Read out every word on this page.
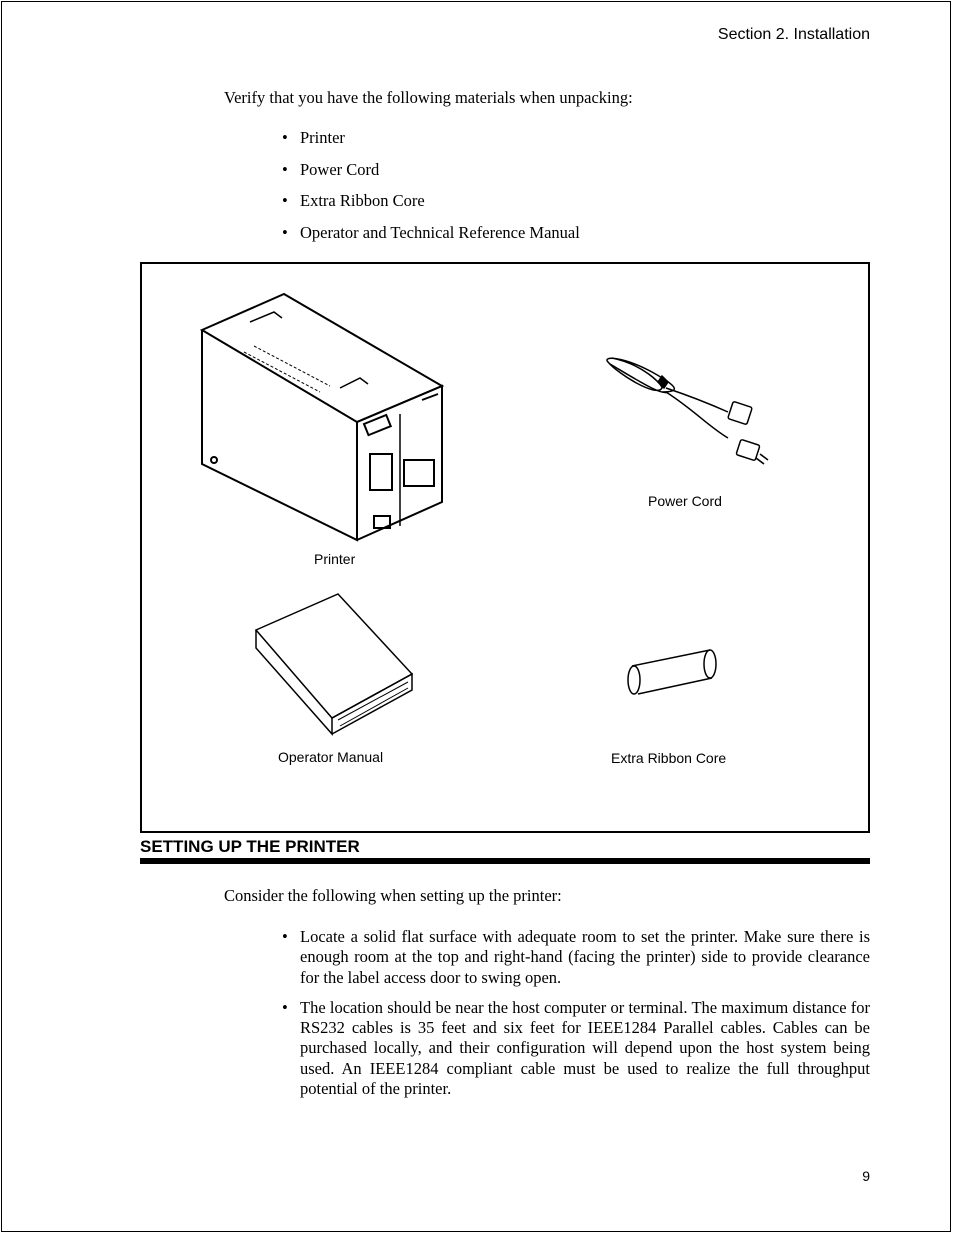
Section 2. Installation
Verify that you have the following materials when unpacking:
• Printer
• Power Cord
• Extra Ribbon Core
• Operator and Technical Reference Manual
Printer
Power Cord
Operator Manual	Extra Ribbon Core
SETTING UP THE PRINTER
Consider the following when setting up the printer:
• Locate a solid flat surface with adequate room to set the printer. Make sure there is enough room at the top and right-hand (facing the printer) side to provide clearance for the label access door to swing open.
• The location should be near the host computer or terminal. The maximum distance for RS232 cables is 35 feet and six feet for IEEE1284 Parallel cables. Cables can be purchased locally, and their configuration will depend upon the host system being used. An IEEE1284 compliant cable must be used to realize the full throughput potential of the printer.
9
